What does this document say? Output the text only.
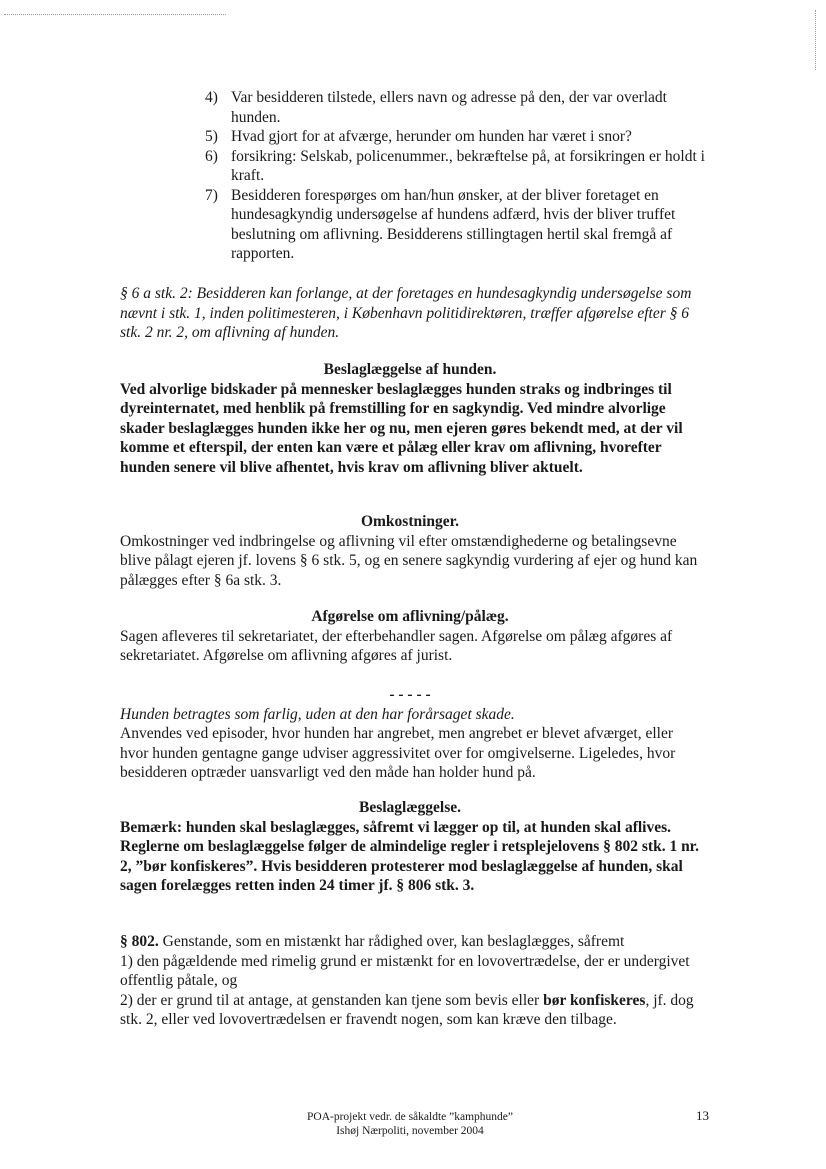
4) Var besidderen tilstede, ellers navn og adresse på den, der var overladt hunden.
5) Hvad gjort for at afværge, herunder om hunden har været i snor?
6) forsikring: Selskab, policenummer., bekræftelse på, at forsikringen er holdt i kraft.
7) Besidderen forespørges om han/hun ønsker, at der bliver foretaget en hundesagkyndig undersøgelse af hundens adfærd, hvis der bliver truffet beslutning om aflivning. Besidderens stillingtagen hertil skal fremgå af rapporten.

§ 6 a stk. 2: Besidderen kan forlange, at der foretages en hundesagkyndig undersøgelse som nævnt i stk. 1, inden politimesteren, i København politidirektøren, træffer afgørelse efter § 6 stk. 2 nr. 2, om aflivning af hunden.

Beslaglæggelse af hunden.

Ved alvorlige bidskader på mennesker beslaglægges hunden straks og indbringes til dyreinternatet, med henblik på fremstilling for en sagkyndig. Ved mindre alvorlige skader beslaglægges hunden ikke her og nu, men ejeren gøres bekendt med, at der vil komme et efterspil, der enten kan være et pålæg eller krav om aflivning, hvorefter hunden senere vil blive afhentet, hvis krav om aflivning bliver aktuelt.

Omkostninger.

Omkostninger ved indbringelse og aflivning vil efter omstændighederne og betalingsevne blive pålagt ejeren jf. lovens § 6 stk. 5, og en senere sagkyndig vurdering af ejer og hund kan pålægges efter § 6a stk. 3.

Afgørelse om aflivning/pålæg.

Sagen afleveres til sekretariatet, der efterbehandler sagen. Afgørelse om pålæg afgøres af sekretariatet. Afgørelse om aflivning afgøres af jurist.

- - - - -

Hunden betragtes som farlig, uden at den har forårsaget skade.

Anvendes ved episoder, hvor hunden har angrebet, men angrebet er blevet afværget, eller hvor hunden gentagne gange udviser aggressivitet over for omgivelserne. Ligeledes, hvor besidderen optræder uansvarligt ved den måde han holder hund på.

Beslaglæggelse.

Bemærk: hunden skal beslaglægges, såfremt vi lægger op til, at hunden skal aflives. Reglerne om beslaglæggelse følger de almindelige regler i retsplejelovens § 802 stk. 1 nr. 2, ”bør konfiskeres”. Hvis besidderen protesterer mod beslaglæggelse af hunden, skal sagen forelægges retten inden 24 timer jf. § 806 stk. 3.

§ 802. Genstande, som en mistænkt har rådighed over, kan beslaglægges, såfremt

1) den pågældende med rimelig grund er mistænkt for en lovovertrædelse, der er undergivet offentlig påtale, og

2) der er grund til at antage, at genstanden kan tjene som bevis eller bør konfiskeres, jf. dog stk. 2, eller ved lovovertrædelsen er fravendt nogen, som kan kræve den tilbage.

POA-projekt vedr. de såkaldte ”kamphunde”
Ishøj Nærpoliti, november 2004
13
